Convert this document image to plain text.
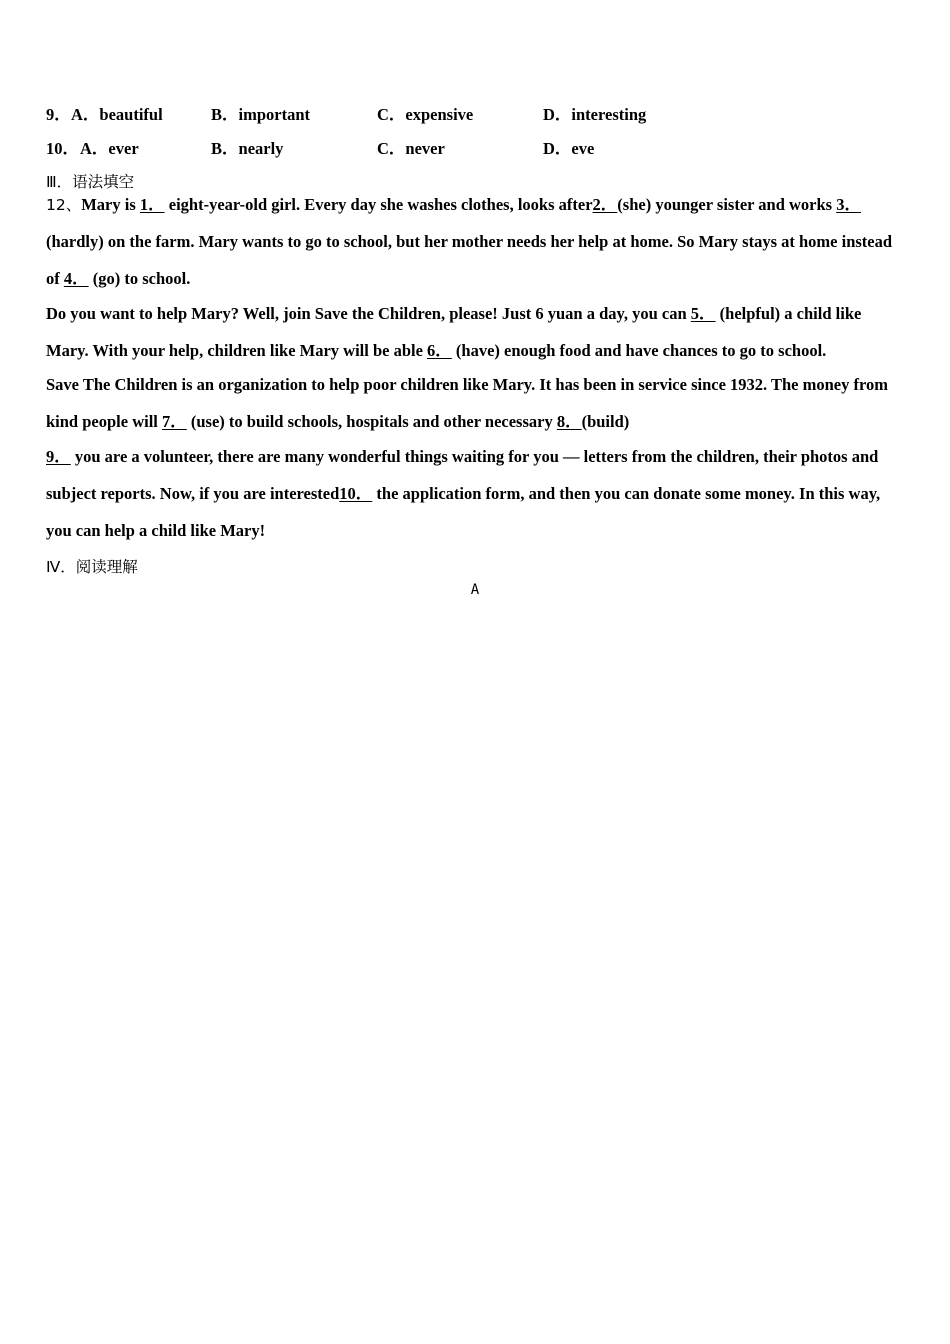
9． A．beautiful	B．important	C．expensive	D．interesting
10． A．ever	B．nearly	C．never	D．eve
Ⅲ．语法填空
12、Mary is 1． eight-year-old girl. Every day she washes clothes, looks after2．(she) younger sister and works 3．
(hardly) on the farm. Mary wants to go to school, but her mother needs her help at home. So Mary stays at home instead
of 4． (go) to school.
Do you want to help Mary? Well, join Save the Children, please! Just 6 yuan a day, you can 5． (helpful) a child like
Mary. With your help, children like Mary will be able 6． (have) enough food and have chances to go to school.
Save The Children is an organization to help poor children like Mary. It has been in service since 1932. The money from
kind people will 7． (use) to build schools, hospitals and other necessary 8．(build)
9． you are a volunteer, there are many wonderful things waiting for you — letters from the children, their photos and
subject reports. Now, if you are interested10． the application form, and then you can donate some money. In this way,
you can help a child like Mary!
Ⅳ．阅读理解
A
